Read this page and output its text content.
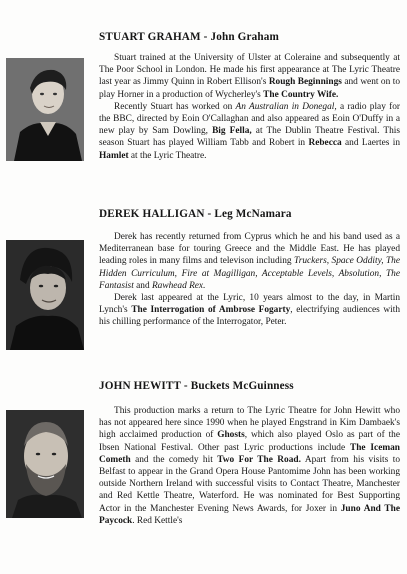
STUART GRAHAM - John Graham

Stuart trained at the University of Ulster at Coleraine and subsequently at The Poor School in London. He made his first appearance at The Lyric Theatre last year as Jimmy Quinn in Robert Ellison's Rough Beginnings and went on to play Horner in a production of Wycherley's The Country Wife.

Recently Stuart has worked on An Australian in Donegal, a radio play for the BBC, directed by Eoin O'Callaghan and also appeared as Eoin O'Duffy in a new play by Sam Dowling, Big Fella, at The Dublin Theatre Festival. This season Stuart has played William Tabb and Robert in Rebecca and Laertes in Hamlet at the Lyric Theatre.

DEREK HALLIGAN - Leg McNamara

Derek has recently returned from Cyprus which he and his band used as a Mediterranean base for touring Greece and the Middle East. He has played leading roles in many films and televison including Truckers, Space Oddity, The Hidden Curriculum, Fire at Magilligan, Acceptable Levels, Absolution, The Fantasist and Rawhead Rex.

Derek last appeared at the Lyric, 10 years almost to the day, in Martin Lynch's The Interrogation of Ambrose Fogarty, electrifying audiences with his chilling performance of the Interrogator, Peter.

JOHN HEWITT - Buckets McGuinness

This production marks a return to The Lyric Theatre for John Hewitt who has not appeared here since 1990 when he played Engstrand in Kim Dambaek's high acclaimed production of Ghosts, which also played Oslo as part of the Ibsen National Festival. Other past Lyric productions include The Iceman Cometh and the comedy hit Two For The Road. Apart from his visits to Belfast to appear in the Grand Opera House Pantomime John has been working outside Northern Ireland with successful visits to Contact Theatre, Manchester and Red Kettle Theatre, Waterford. He was nominated for Best Supporting Actor in the Manchester Evening News Awards, for Joxer in Juno And The Paycock. Red Kettle's
